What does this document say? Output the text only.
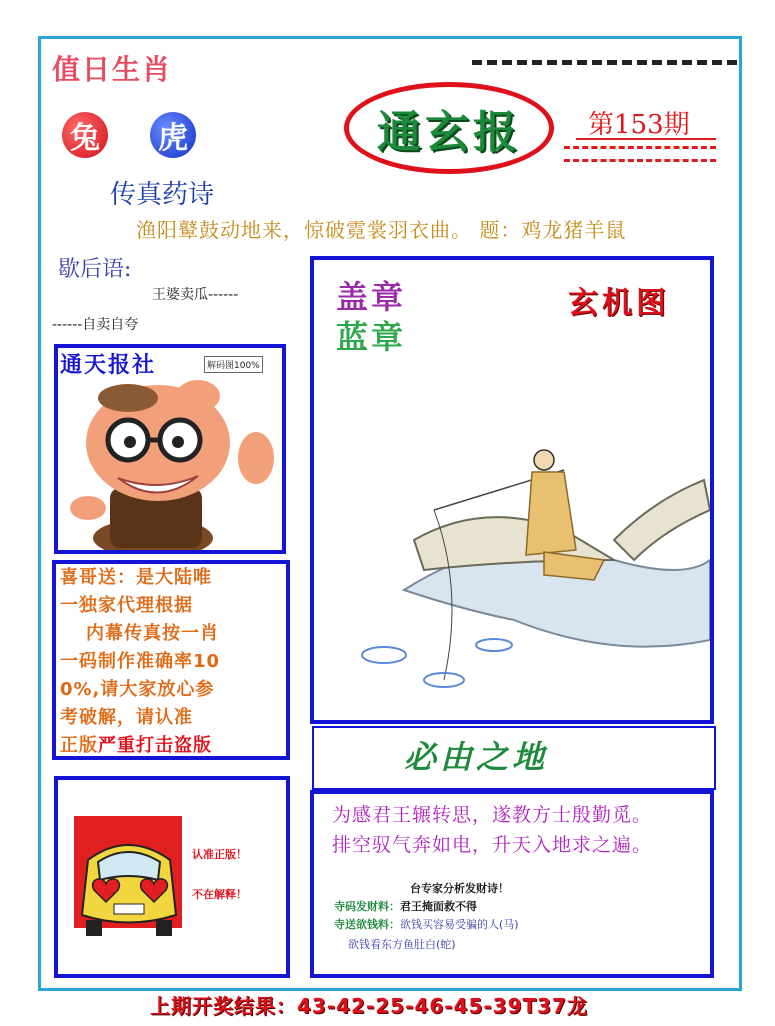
值日生肖
兔 虎
传真药诗
通玄报	第153期
渔阳鼙鼓动地来，惊破霓裳羽衣曲。 题：鸡龙猪羊鼠
歇后语:
王婆卖瓜------
------自卖自夸
通天报社	解码图100%
喜哥送：是大陆唯
一独家代理根据
内幕传真按一肖
一码制作准确率10
0%,请大家放心参
考破解，请认准
正版严重打击盗版
认准正版！
不在解释！
盖章
蓝章
玄机图
必由之地
为感君王辗转思，遂教方士殷勤觅。
排空驭气奔如电，升天入地求之遍。
台专家分析发财诗！
寺码发财料：君王掩面救不得
寺送欲钱料：欲钱买容易受骗的人(马)
欲钱看东方鱼肚白(蛇)
上期开奖结果：43-42-25-46-45-39T37龙
